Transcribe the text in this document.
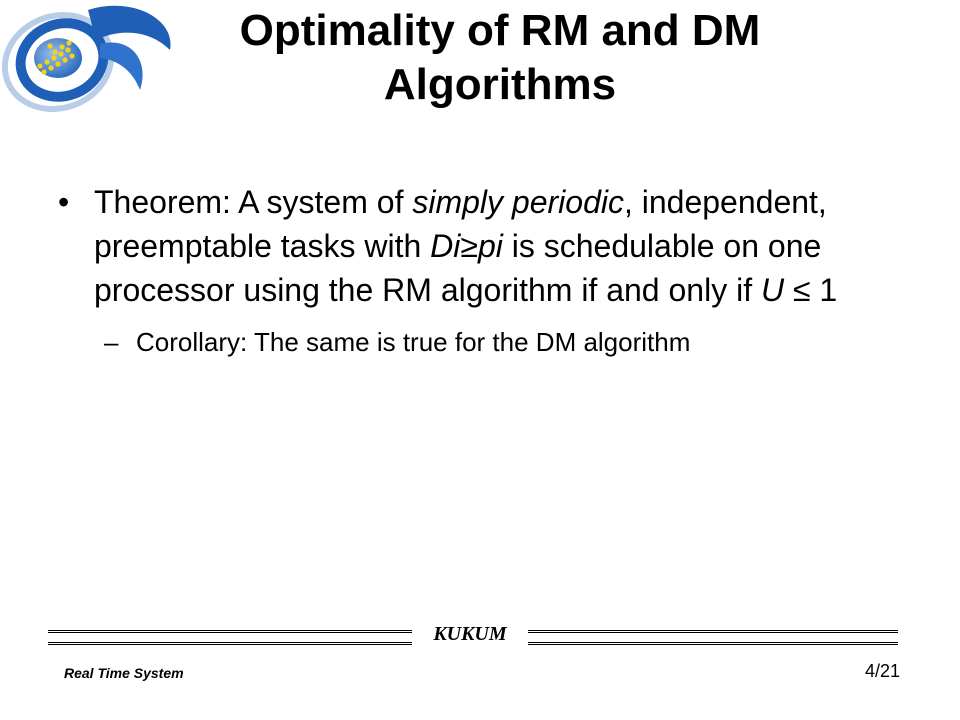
Optimality of RM and DM
Algorithms
• Theorem: A system of simply periodic, independent, preemptable tasks with Di≥pi is schedulable on one processor using the RM algorithm if and only if U ≤ 1
– Corollary: The same is true for the DM algorithm
KUKUM
Real Time System	4/21
